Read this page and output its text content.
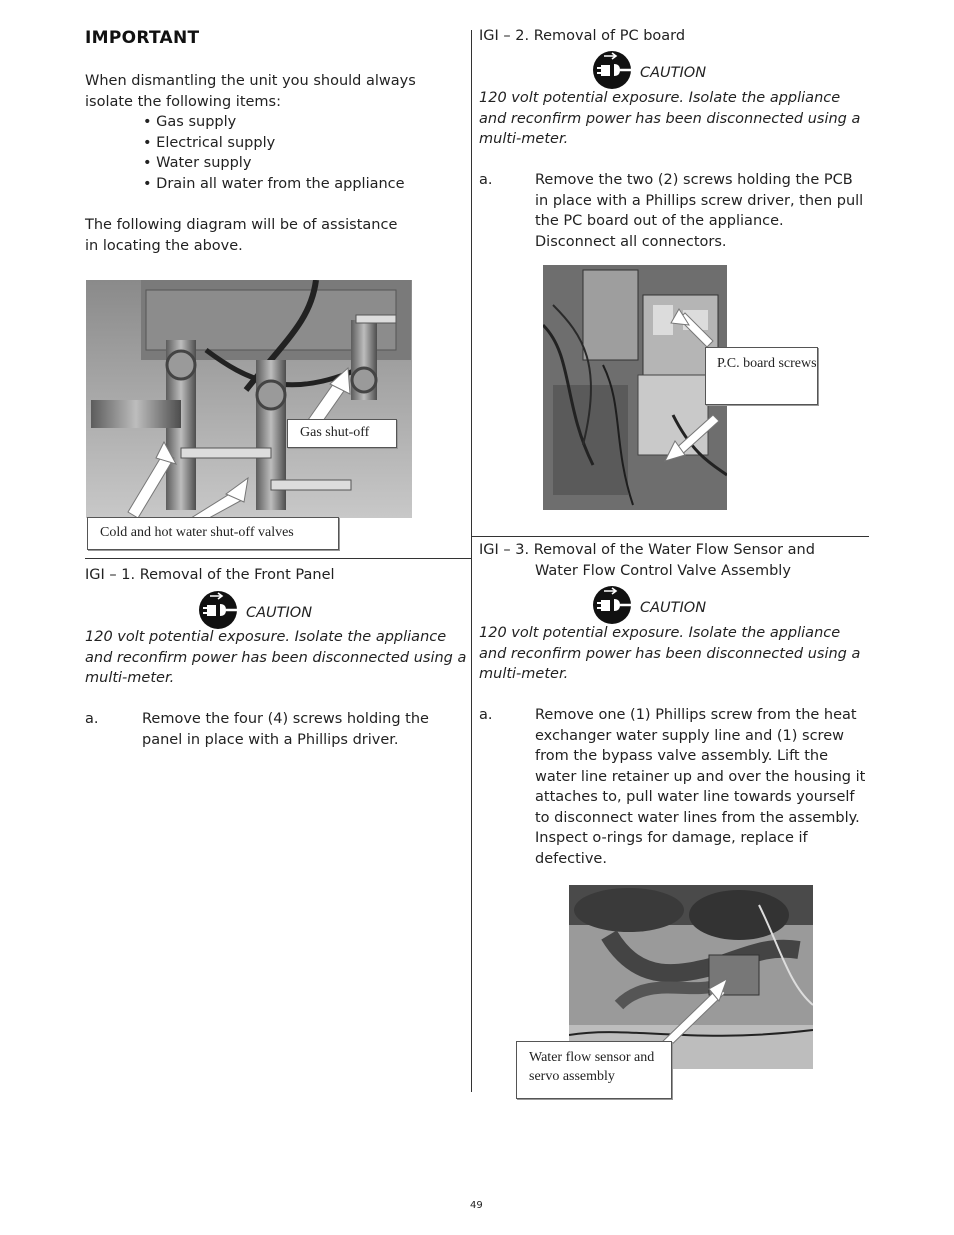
IMPORTANT
When dismantling the unit you should always isolate the following items:
• Gas supply
• Electrical supply
• Water supply
• Drain all water from the appliance
The following diagram will be of assistance in locating the above.
Gas shut-off
Cold and hot water shut-off valves
IGI – 1. Removal of the Front Panel
CAUTION
120 volt potential exposure. Isolate the appliance and reconfirm power has been disconnected using a multi-meter.
a.	Remove the four (4) screws holding the panel in place with a Phillips driver.
IGI – 2. Removal of PC board
CAUTION
120 volt potential exposure. Isolate the appliance and reconfirm power has been disconnected using a multi-meter.
a.	Remove the two (2) screws holding the PCB in place with a Phillips screw driver, then pull the PC board out of the appliance.
Disconnect all connectors.
P.C. board screws
IGI – 3. Removal of the Water Flow Sensor and
Water Flow Control Valve Assembly
CAUTION
120 volt potential exposure. Isolate the appliance and reconfirm power has been disconnected using a multi-meter.
a.	Remove one (1) Phillips screw from the heat exchanger water supply line and (1) screw from the bypass valve assembly. Lift the water line retainer up and over the housing it attaches to, pull water line towards yourself to disconnect water lines from the assembly. Inspect o-rings for damage, replace if defective.
Water flow sensor and servo assembly
49
